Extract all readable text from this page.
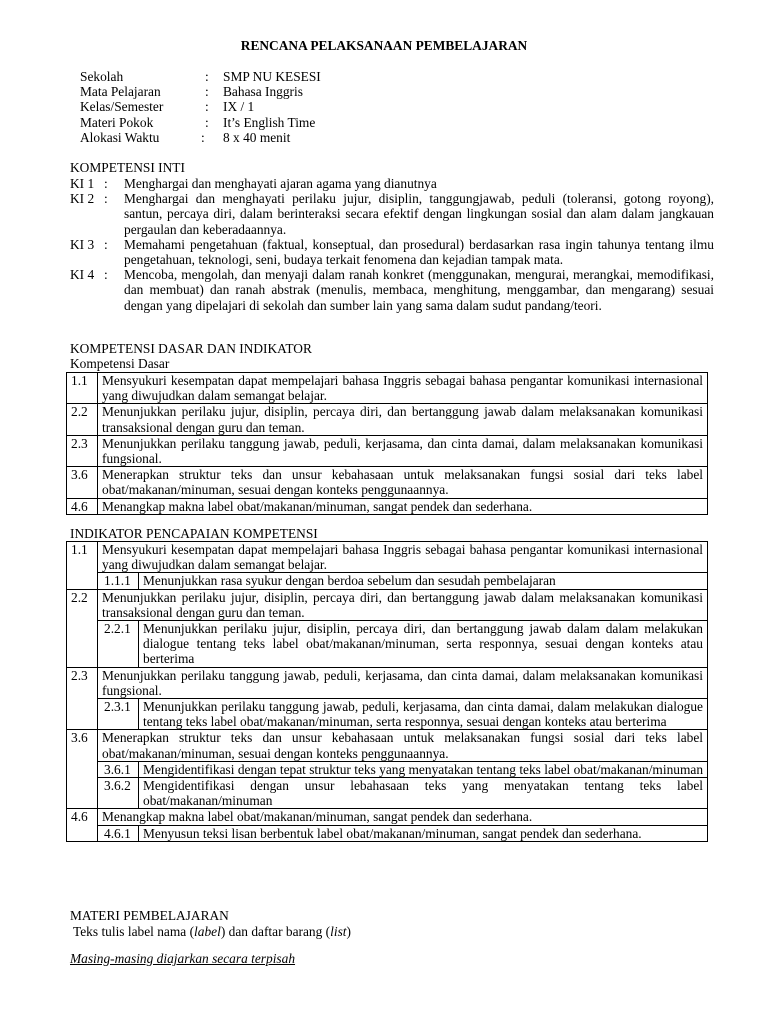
RENCANA PELAKSANAAN PEMBELAJARAN
Sekolah	: SMP NU KESESI
Mata Pelajaran	: Bahasa Inggris
Kelas/Semester	: IX / 1
Materi Pokok	: It’s English Time
Alokasi Waktu	: 8 x 40 menit
KOMPETENSI INTI
KI 1 :	Menghargai dan menghayati ajaran agama yang dianutnya
KI 2 :	Menghargai dan menghayati perilaku jujur, disiplin, tanggungjawab, peduli (toleransi, gotong royong), santun, percaya diri, dalam berinteraksi secara efektif dengan lingkungan sosial dan alam dalam jangkauan pergaulan dan keberadaannya.
KI 3 :	Memahami pengetahuan (faktual, konseptual, dan prosedural) berdasarkan rasa ingin tahunya tentang ilmu pengetahuan, teknologi, seni, budaya terkait fenomena dan kejadian tampak mata.
KI 4 :	Mencoba, mengolah, dan menyaji dalam ranah konkret (menggunakan, mengurai, merangkai, memodifikasi, dan membuat) dan ranah abstrak (menulis, membaca, menghitung, menggambar, dan mengarang) sesuai dengan yang dipelajari di sekolah dan sumber lain yang sama dalam sudut pandang/teori.
KOMPETENSI DASAR DAN INDIKATOR
Kompetensi Dasar
1.1	Mensyukuri kesempatan dapat mempelajari bahasa Inggris sebagai bahasa pengantar komunikasi internasional yang diwujudkan dalam semangat belajar.
2.2	Menunjukkan perilaku jujur, disiplin, percaya diri, dan bertanggung jawab dalam melaksanakan komunikasi transaksional dengan guru dan teman.
2.3	Menunjukkan perilaku tanggung jawab, peduli, kerjasama, dan cinta damai, dalam melaksanakan komunikasi fungsional.
3.6	Menerapkan struktur teks dan unsur kebahasaan untuk melaksanakan fungsi sosial dari teks label obat/makanan/minuman, sesuai dengan konteks penggunaannya.
4.6	Menangkap makna label obat/makanan/minuman, sangat pendek dan sederhana.
INDIKATOR PENCAPAIAN KOMPETENSI
1.1	Mensyukuri kesempatan dapat mempelajari bahasa Inggris sebagai bahasa pengantar komunikasi internasional yang diwujudkan dalam semangat belajar.	
	1.1.1	Menunjukkan rasa syukur dengan berdoa sebelum dan sesudah pembelajaran
2.2	Menunjukkan perilaku jujur, disiplin, percaya diri, dan bertanggung jawab dalam melaksanakan komunikasi transaksional dengan guru dan teman.	
	2.2.1	Menunjukkan perilaku jujur, disiplin, percaya diri, dan bertanggung jawab dalam dalam melakukan dialogue tentang teks label obat/makanan/minuman, serta responnya, sesuai dengan konteks atau berterima
2.3	Menunjukkan perilaku tanggung jawab, peduli, kerjasama, dan cinta damai, dalam melaksanakan komunikasi fungsional.	
	2.3.1	Menunjukkan perilaku tanggung jawab, peduli, kerjasama, dan cinta damai, dalam melakukan dialogue tentang teks label obat/makanan/minuman, serta responnya, sesuai dengan konteks atau berterima
3.6	Menerapkan struktur teks dan unsur kebahasaan untuk melaksanakan fungsi sosial dari teks label obat/makanan/minuman, sesuai dengan konteks penggunaannya.	
	3.6.1	Mengidentifikasi dengan tepat struktur teks yang menyatakan tentang teks label obat/makanan/minuman
	3.6.2	Mengidentifikasi dengan unsur lebahasaan teks yang menyatakan tentang teks label obat/makanan/minuman
4.6	Menangkap makna label obat/makanan/minuman, sangat pendek dan sederhana.	
	4.6.1	Menyusun teksi lisan berbentuk label obat/makanan/minuman, sangat pendek dan sederhana.
MATERI PEMBELAJARAN
Teks tulis label nama (label) dan daftar barang (list)
Masing-masing diajarkan secara terpisah
